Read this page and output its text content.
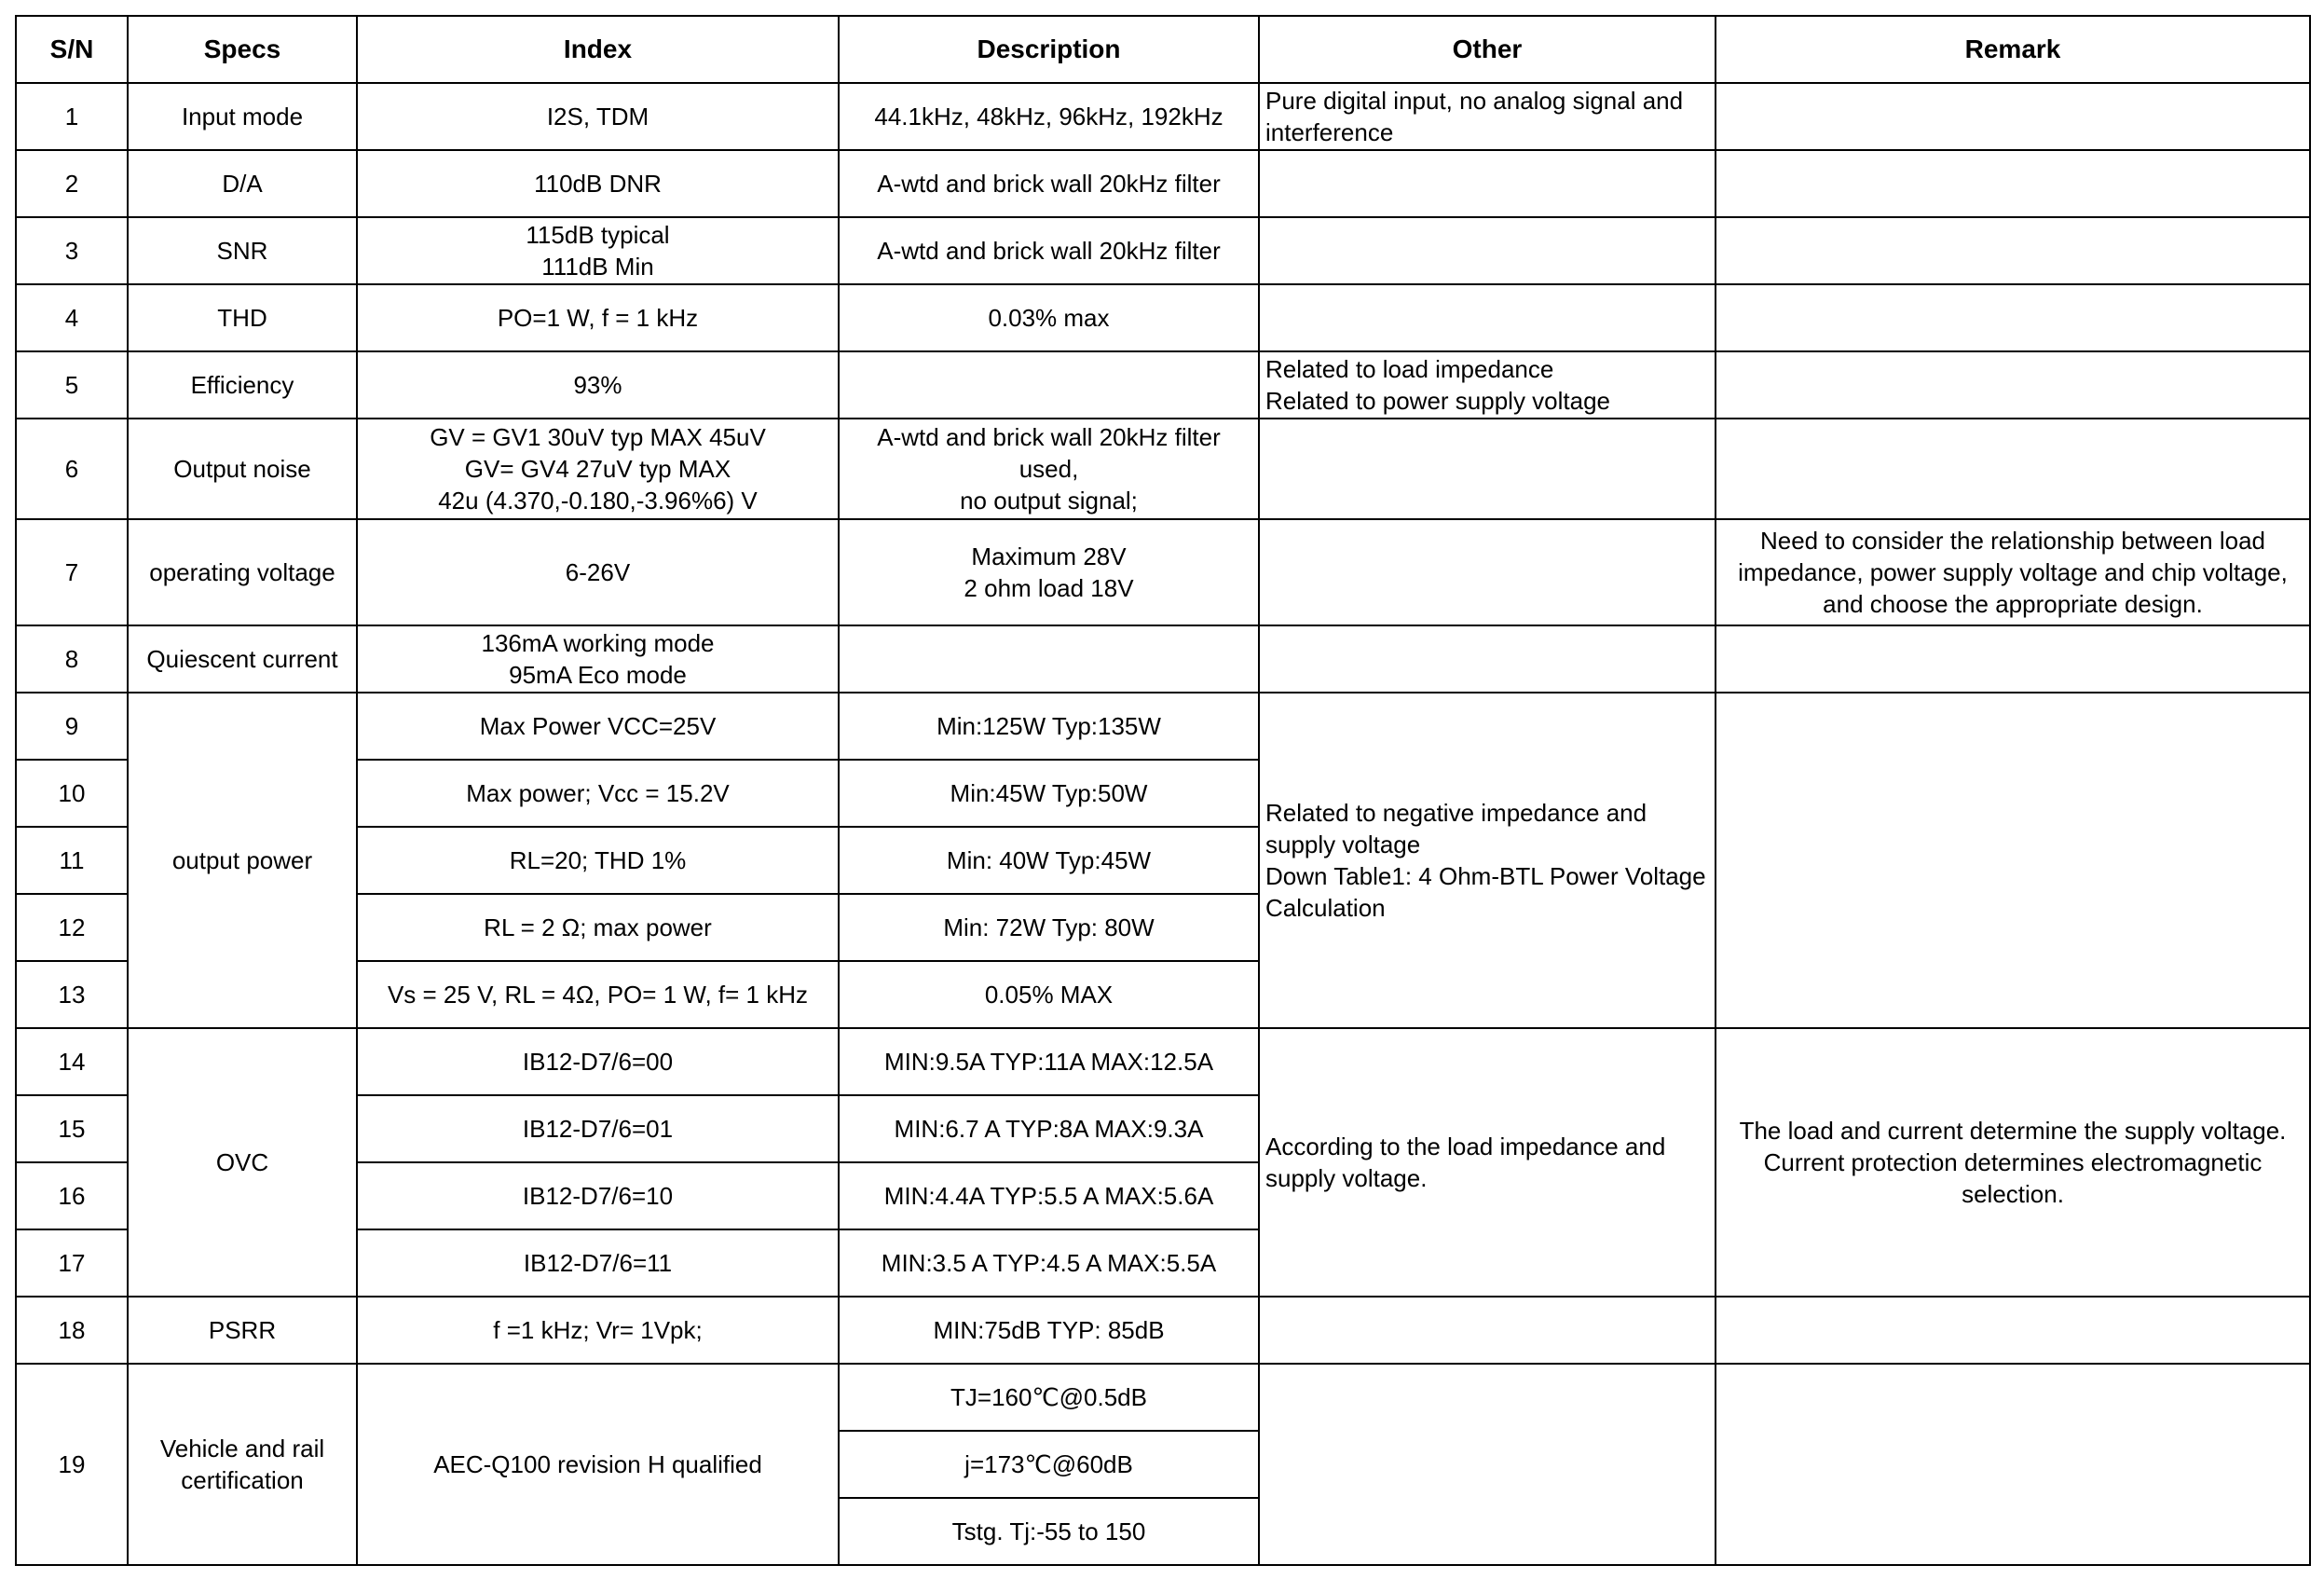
S/N	Specs	Index	Description	Other	Remark
1	Input mode	I2S, TDM	44.1kHz, 48kHz, 96kHz, 192kHz	Pure digital input, no analog signal and
interference	
2	D/A	110dB DNR	A-wtd and brick wall 20kHz filter		
3	SNR	115dB typical
111dB Min	A-wtd and brick wall 20kHz filter		
4	THD	PO=1 W, f = 1 kHz	0.03% max		
5	Efficiency	93%		Related to load impedance
Related to power supply voltage	
6	Output noise	GV = GV1 30uV typ MAX 45uV
GV= GV4 27uV typ MAX
42u (4.370,-0.180,-3.96%6) V	A-wtd and brick wall 20kHz filter
used,
no output signal;		
7	operating voltage	6-26V	Maximum 28V
2 ohm load 18V		Need to consider the relationship between load
impedance, power supply voltage and chip voltage,
and choose the appropriate design.
8	Quiescent current	136mA working mode
95mA Eco mode			
9	output power	Max Power VCC=25V	Min:125W Typ:135W	Related to negative impedance and
supply voltage
Down Table1: 4 Ohm-BTL Power Voltage
Calculation	
10		Max power; Vcc = 15.2V	Min:45W Typ:50W		
11		RL=20; THD 1%	Min: 40W Typ:45W		
12		RL = 2 Ω; max power	Min: 72W Typ: 80W		
13		Vs = 25 V, RL = 4Ω, PO= 1 W, f= 1 kHz	0.05% MAX		
14	OVC	IB12-D7/6=00	MIN:9.5A TYP:11A MAX:12.5A	According to the load impedance and
supply voltage.	The load and current determine the supply voltage.
Current protection determines electromagnetic
selection.
15		IB12-D7/6=01	MIN:6.7 A TYP:8A MAX:9.3A		
16		IB12-D7/6=10	MIN:4.4A TYP:5.5 A MAX:5.6A		
17		IB12-D7/6=11	MIN:3.5 A TYP:4.5 A MAX:5.5A		
18	PSRR	f =1 kHz; Vr= 1Vpk;	MIN:75dB TYP: 85dB		
19	Vehicle and rail
certification	AEC-Q100 revision H qualified	TJ=160℃@0.5dB		
			j=173℃@60dB		
			Tstg. Tj:-55 to 150		
